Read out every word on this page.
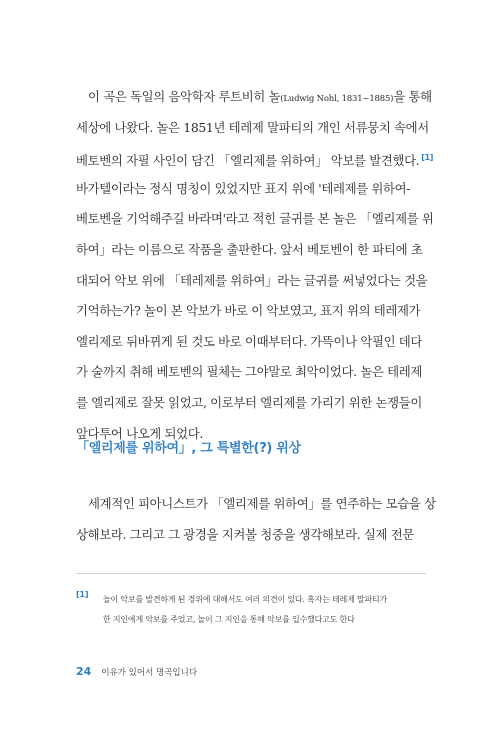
이 곡은 독일의 음악학자 루트비히 놀(Ludwig Nohl, 1831~1885)을 통해
세상에 나왔다. 놀은 1851년 테레제 말파티의 개인 서류뭉치 속에서
베토벤의 자필 사인이 담긴 「엘리제를 위하여」 악보를 발견했다. [1]
바가텔이라는 정식 명칭이 있었지만 표지 위에 '테레제를 위하여-
베토벤을 기억해주길 바라며'라고 적힌 글귀를 본 놀은 「엘리제를 위
하여」라는 이름으로 작품을 출판한다. 앞서 베토벤이 한 파티에 초
대되어 악보 위에 「테레제를 위하여」라는 글귀를 써넣었다는 것을
기억하는가? 놀이 본 악보가 바로 이 악보였고, 표지 위의 테레제가
엘리제로 뒤바뀌게 된 것도 바로 이때부터다. 가뜩이나 악필인 데다
가 술까지 취해 베토벤의 필체는 그야말로 최악이었다. 놀은 테레제
를 엘리제로 잘못 읽었고, 이로부터 엘리제를 가리기 위한 논쟁들이
앞다투어 나오게 되었다.
「엘리제를 위하여」, 그 특별한(?) 위상
세계적인 피아니스트가 「엘리제를 위하여」를 연주하는 모습을 상
상해보라. 그리고 그 광경을 지켜볼 청중을 생각해보라. 실제 전문
[1]
놀이 악보를 발견하게 된 경위에 대해서도 여러 의견이 있다. 혹자는 테레제 말파티가
한 지인에게 악보를 주었고, 놀이 그 지인을 통해 악보를 입수했다고도 한다
24 이유가 있어서 명곡입니다
